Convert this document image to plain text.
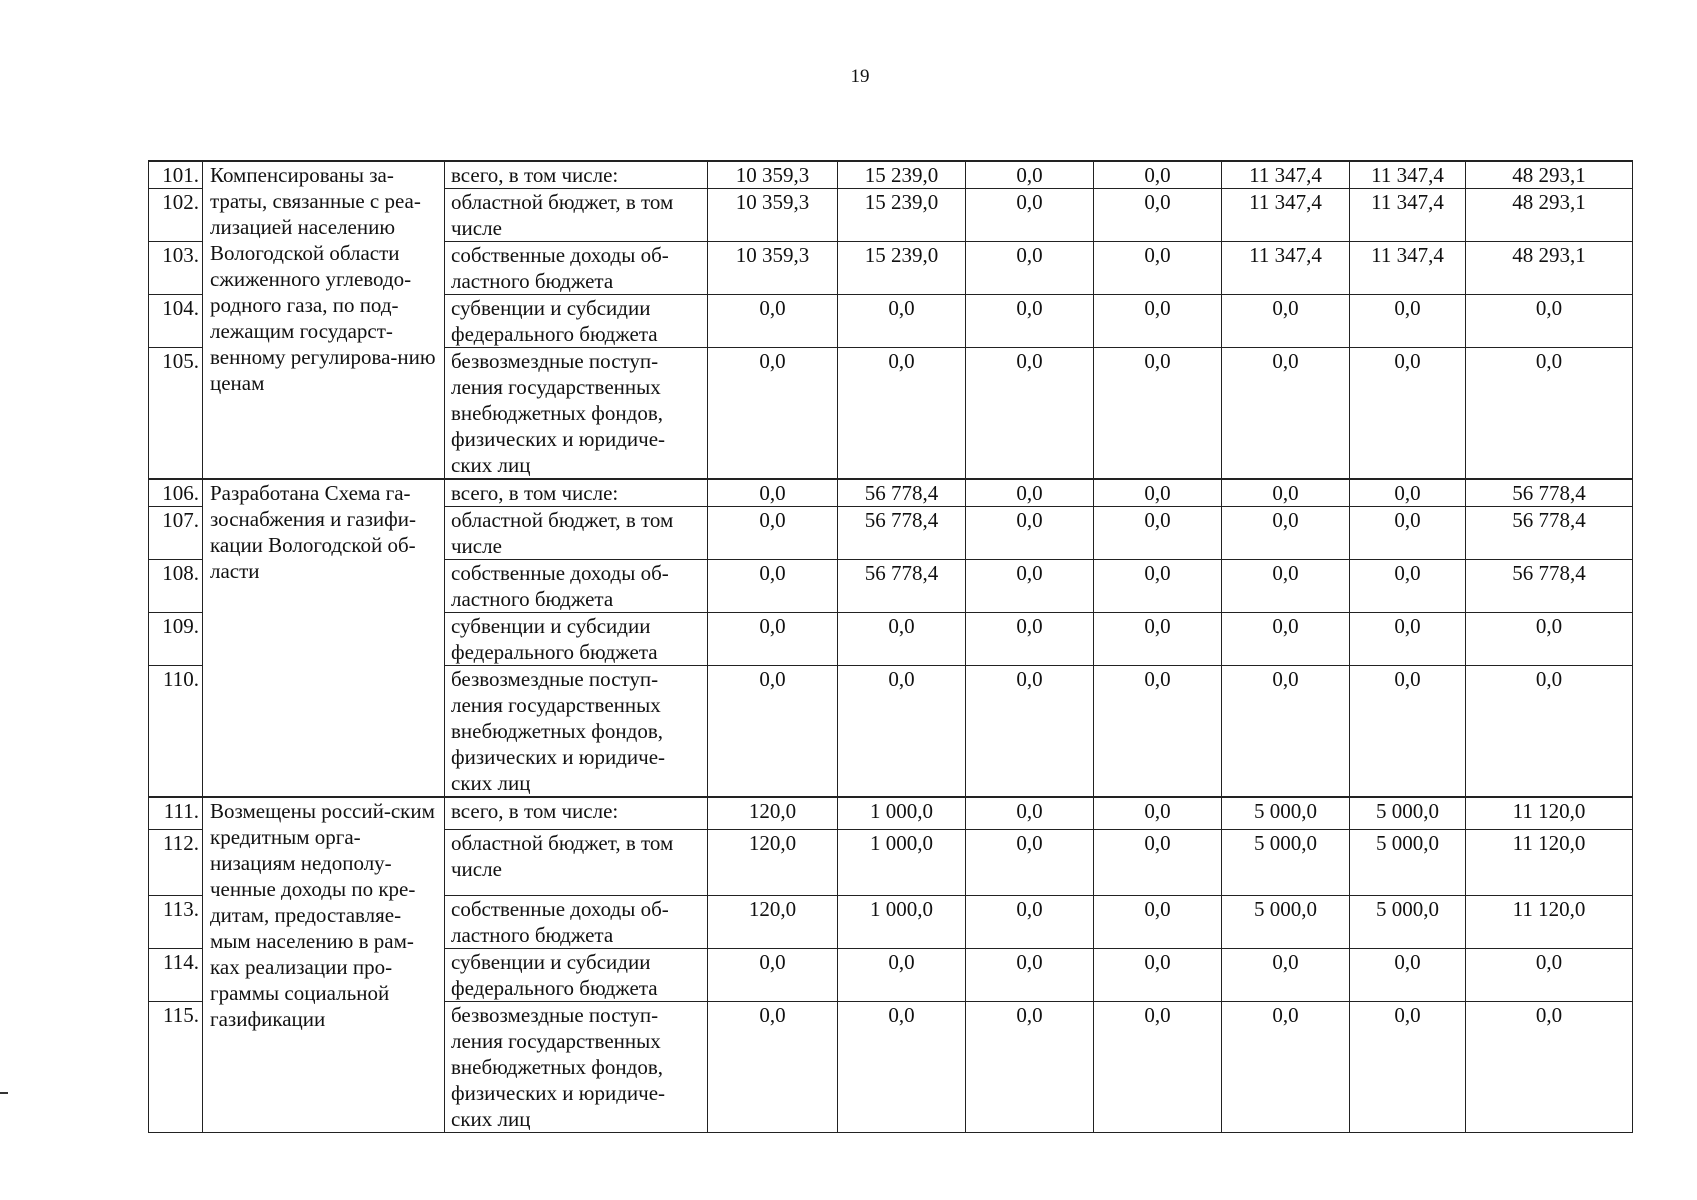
19
101.	Компенсированы за-траты, связанные с реа-лизацией населению Вологодской области сжиженного углеводо-родного газа, по под-лежащим государст-венному регулирова-нию ценам	всего, в том числе:	10 359,3	15 239,0	0,0	0,0	11 347,4	11 347,4	48 293,1
102.		областной бюджет, в том числе	10 359,3	15 239,0	0,0	0,0	11 347,4	11 347,4	48 293,1
103.		собственные доходы об-ластного бюджета	10 359,3	15 239,0	0,0	0,0	11 347,4	11 347,4	48 293,1
104.		субвенции и субсидии федерального бюджета	0,0	0,0	0,0	0,0	0,0	0,0	0,0
105.		безвозмездные поступ-ления государственных внебюджетных фондов, физических и юридиче-ских лиц	0,0	0,0	0,0	0,0	0,0	0,0	0,0
106.	Разработана Схема га-зоснабжения и газифи-кации Вологодской об-ласти	всего, в том числе:	0,0	56 778,4	0,0	0,0	0,0	0,0	56 778,4
107.		областной бюджет, в том числе	0,0	56 778,4	0,0	0,0	0,0	0,0	56 778,4
108.		собственные доходы об-ластного бюджета	0,0	56 778,4	0,0	0,0	0,0	0,0	56 778,4
109.		субвенции и субсидии федерального бюджета	0,0	0,0	0,0	0,0	0,0	0,0	0,0
110.		безвозмездные поступ-ления государственных внебюджетных фондов, физических и юридиче-ских лиц	0,0	0,0	0,0	0,0	0,0	0,0	0,0
111.	Возмещены россий-ским кредитным орга-низациям недополу-ченные доходы по кре-дитам, предоставляе-мым населению в рам-ках реализации про-граммы социальной газификации	всего, в том числе:	120,0	1 000,0	0,0	0,0	5 000,0	5 000,0	11 120,0
112.		областной бюджет, в том числе	120,0	1 000,0	0,0	0,0	5 000,0	5 000,0	11 120,0
113.		собственные доходы об-ластного бюджета	120,0	1 000,0	0,0	0,0	5 000,0	5 000,0	11 120,0
114.		субвенции и субсидии федерального бюджета	0,0	0,0	0,0	0,0	0,0	0,0	0,0
115.		безвозмездные поступ-ления государственных внебюджетных фондов, физических и юридиче-ских лиц	0,0	0,0	0,0	0,0	0,0	0,0	0,0
